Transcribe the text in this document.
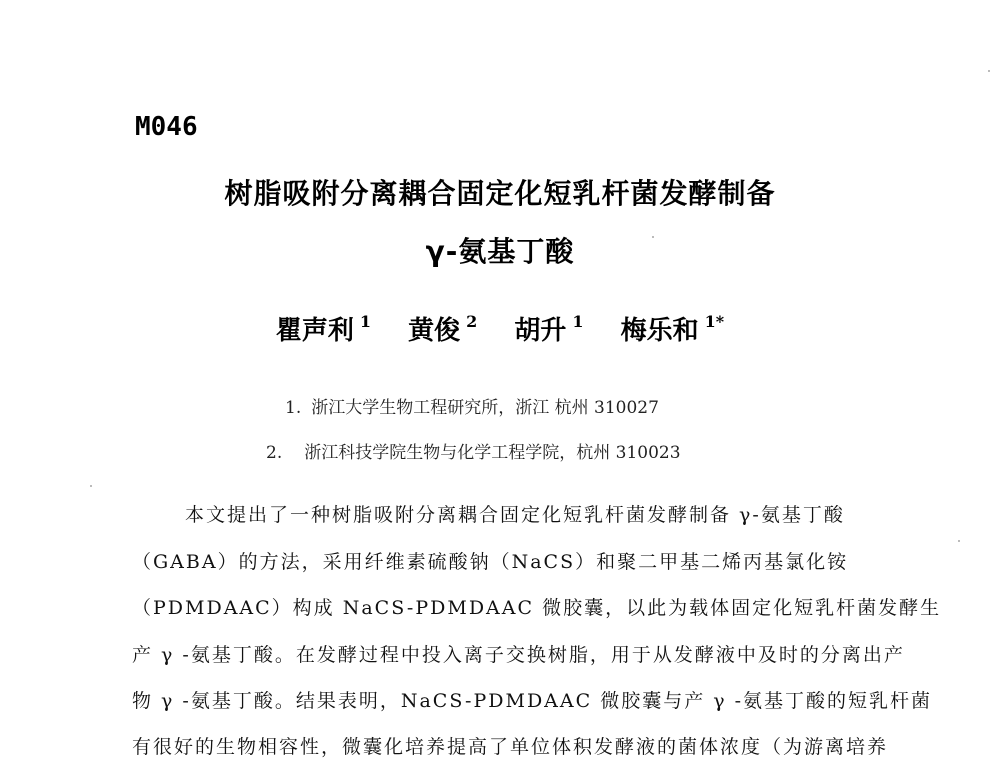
M046
树脂吸附分离耦合固定化短乳杆菌发酵制备
γ-氨基丁酸
瞿声利 $^1$ 黄俊 $^2$ 胡升 $^1$ 梅乐和 $^{1*}$
1. 浙江大学生物工程研究所，浙江 杭州 310027
2. 浙江科技学院生物与化学工程学院，杭州 310023
本文提出了一种树脂吸附分离耦合固定化短乳杆菌发酵制备 γ-氨基丁酸
（GABA）的方法，采用纤维素硫酸钠（NaCS）和聚二甲基二烯丙基氯化铵
（PDMDAAC）构成 NaCS-PDMDAAC 微胶囊，以此为载体固定化短乳杆菌发酵生
产 γ -氨基丁酸。在发酵过程中投入离子交换树脂，用于从发酵液中及时的分离出产
物 γ -氨基丁酸。结果表明，NaCS-PDMDAAC 微胶囊与产 γ -氨基丁酸的短乳杆菌
有很好的生物相容性，微囊化培养提高了单位体积发酵液的菌体浓度（为游离培养
